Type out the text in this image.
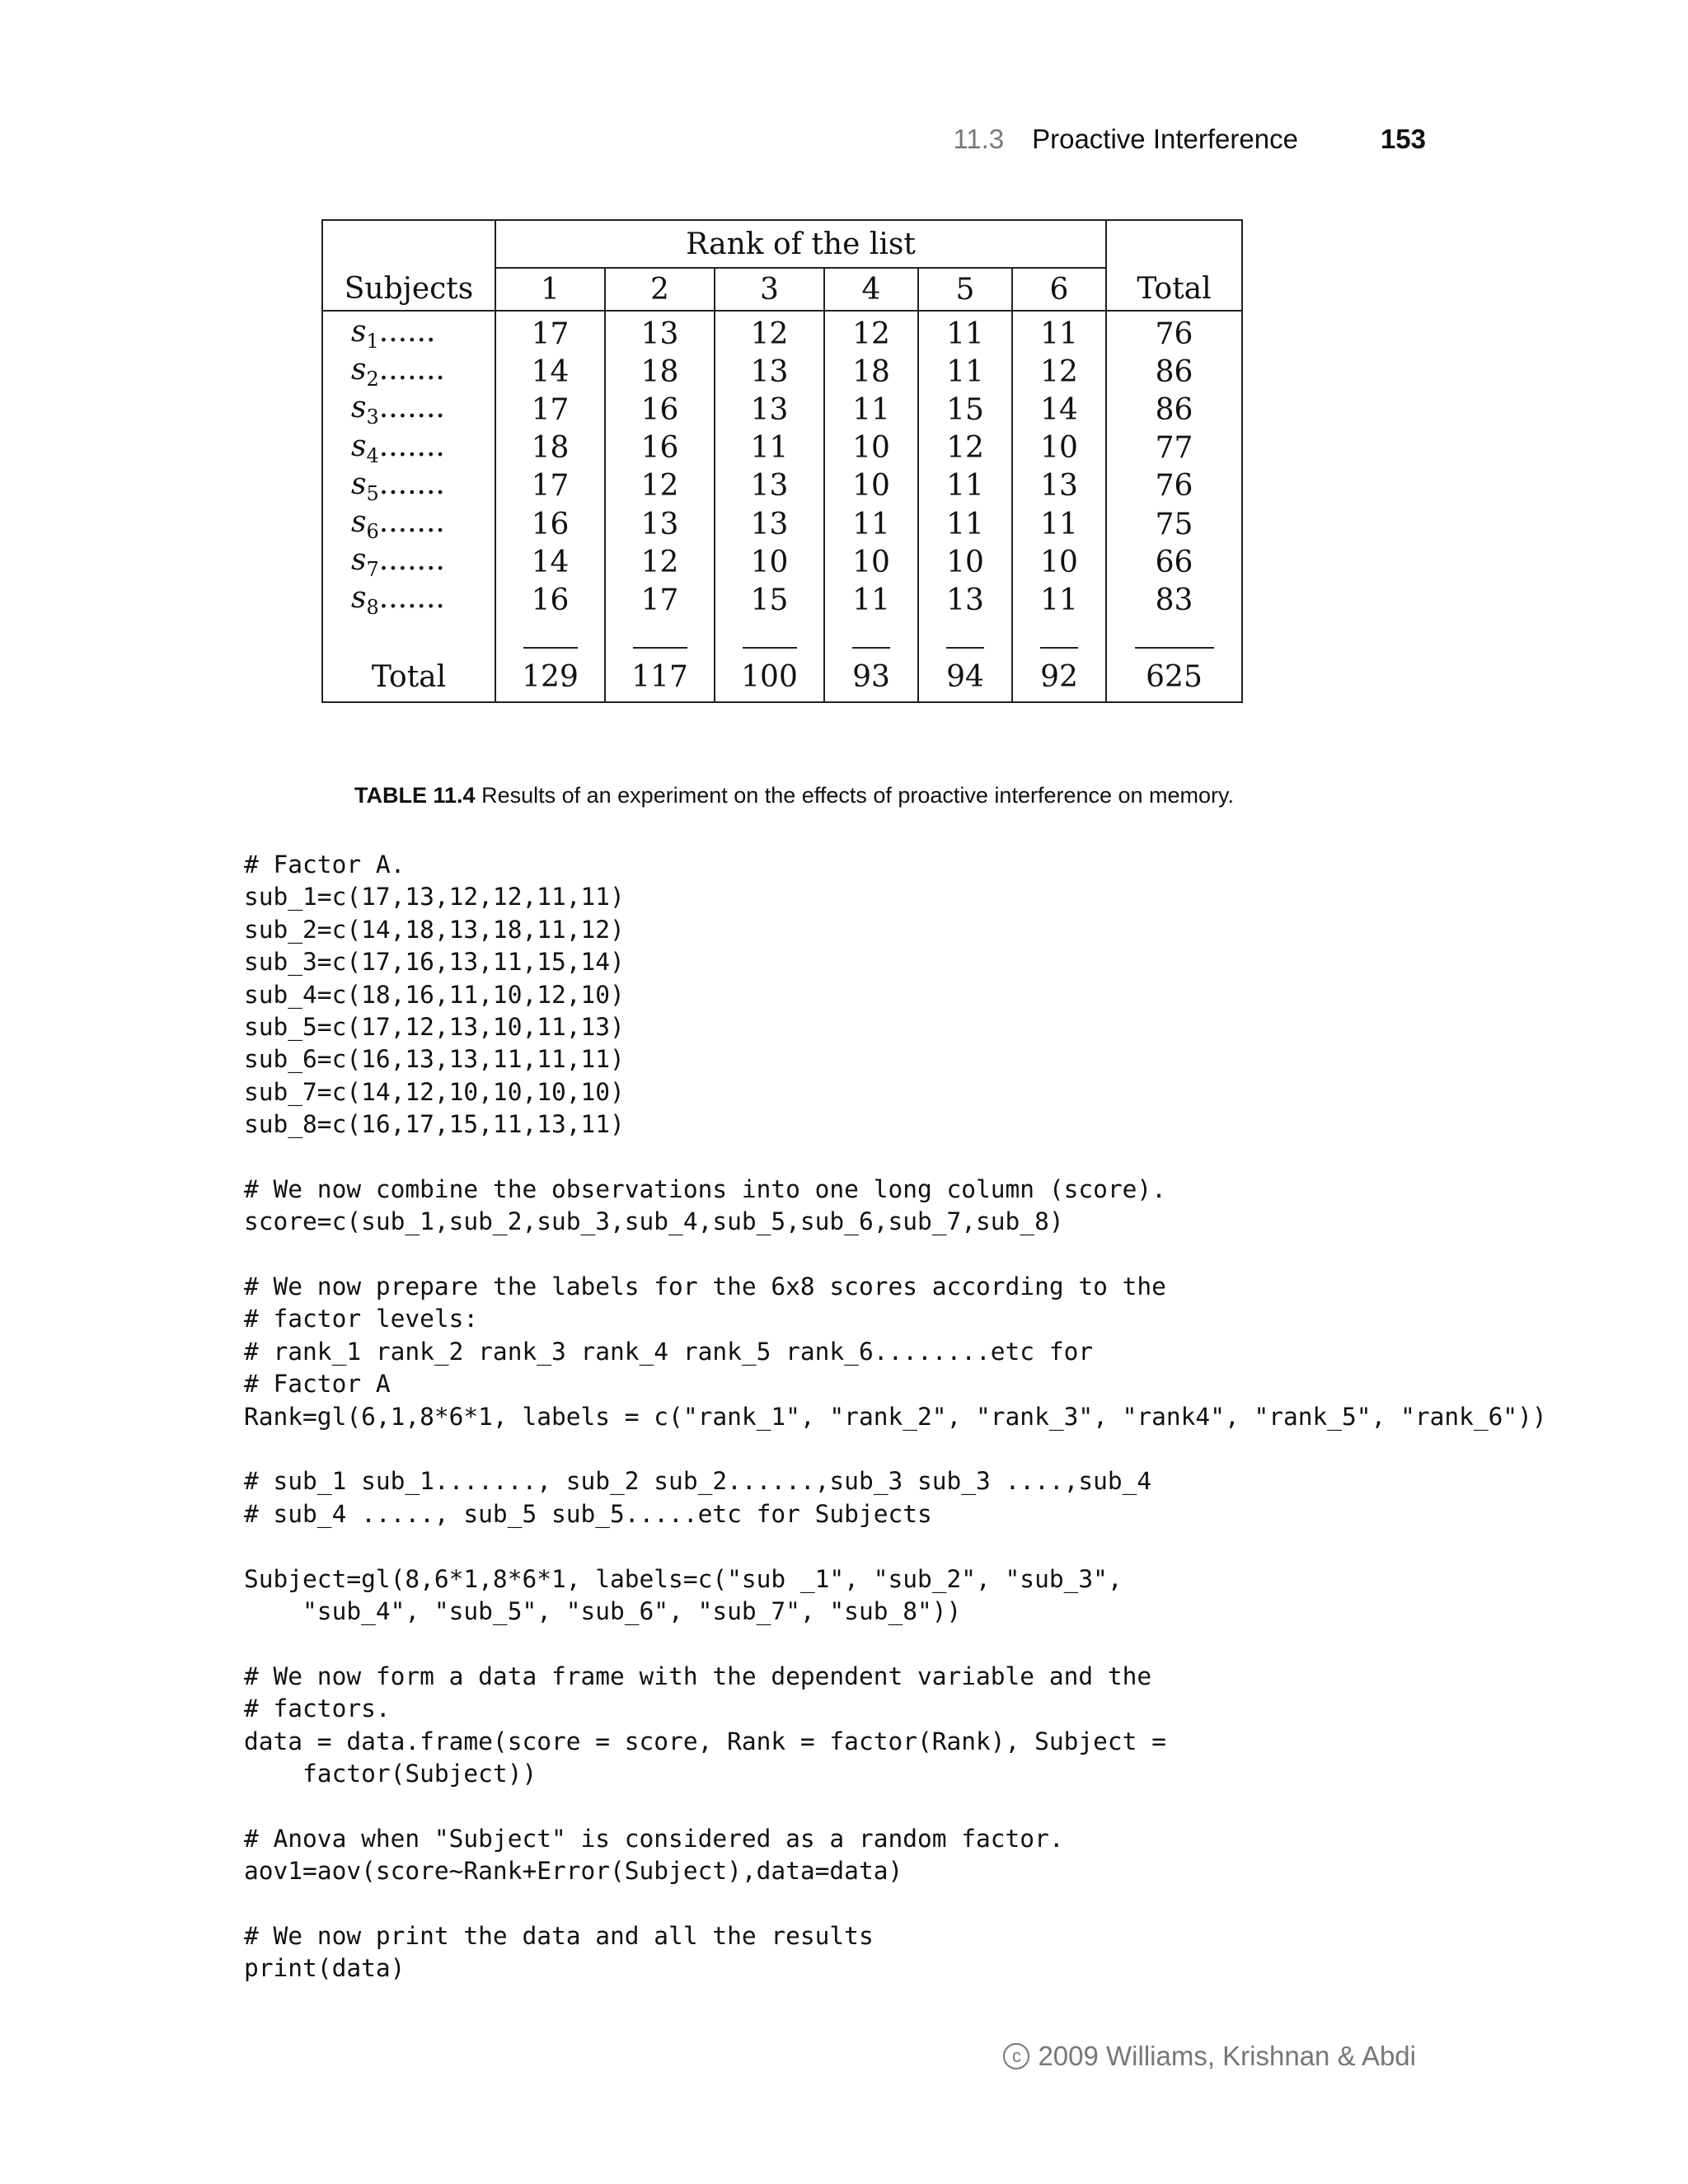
11.3 Proactive Interference	153
	Rank of the list						
Subjects	1	2	3	4	5	6	Total
$s_1$......	17	13	12	12	11	11	76
$s_2$.......	14	18	13	18	11	12	86
$s_3$.......	17	16	13	11	15	14	86
$s_4$.......	18	16	11	10	12	10	77
$s_5$.......	17	12	13	10	11	13	76
$s_6$.......	16	13	13	11	11	11	75
$s_7$.......	14	12	10	10	10	10	66
$s_8$.......	16	17	15	11	13	11	83

Total	129	117	100	93	94	92	625
TABLE 11.4 Results of an experiment on the effects of proactive interference on memory.
# Factor A.
sub_1=c(17,13,12,12,11,11)
sub_2=c(14,18,13,18,11,12)
sub_3=c(17,16,13,11,15,14)
sub_4=c(18,16,11,10,12,10)
sub_5=c(17,12,13,10,11,13)
sub_6=c(16,13,13,11,11,11)
sub_7=c(14,12,10,10,10,10)
sub_8=c(16,17,15,11,13,11)
# We now combine the observations into one long column (score).
score=c(sub_1,sub_2,sub_3,sub_4,sub_5,sub_6,sub_7,sub_8)
# We now prepare the labels for the 6x8 scores according to the
# factor levels:
# rank_1 rank_2 rank_3 rank_4 rank_5 rank_6........etc for
# Factor A
Rank=gl(6,1,8*6*1, labels = c("rank_1", "rank_2", "rank_3", "rank4", "rank_5", "rank_6"))
# sub_1 sub_1......., sub_2 sub_2......,sub_3 sub_3 ....,sub_4
# sub_4 ....., sub_5 sub_5.....etc for Subjects
Subject=gl(8,6*1,8*6*1, labels=c("sub _1", "sub_2", "sub_3",
"sub_4", "sub_5", "sub_6", "sub_7", "sub_8"))
# We now form a data frame with the dependent variable and the
# factors.
data = data.frame(score = score, Rank = factor(Rank), Subject =
factor(Subject))
# Anova when "Subject" is considered as a random factor.
aov1=aov(score~Rank+Error(Subject),data=data)
# We now print the data and all the results
print(data)
c 2009 Williams, Krishnan & Abdi
